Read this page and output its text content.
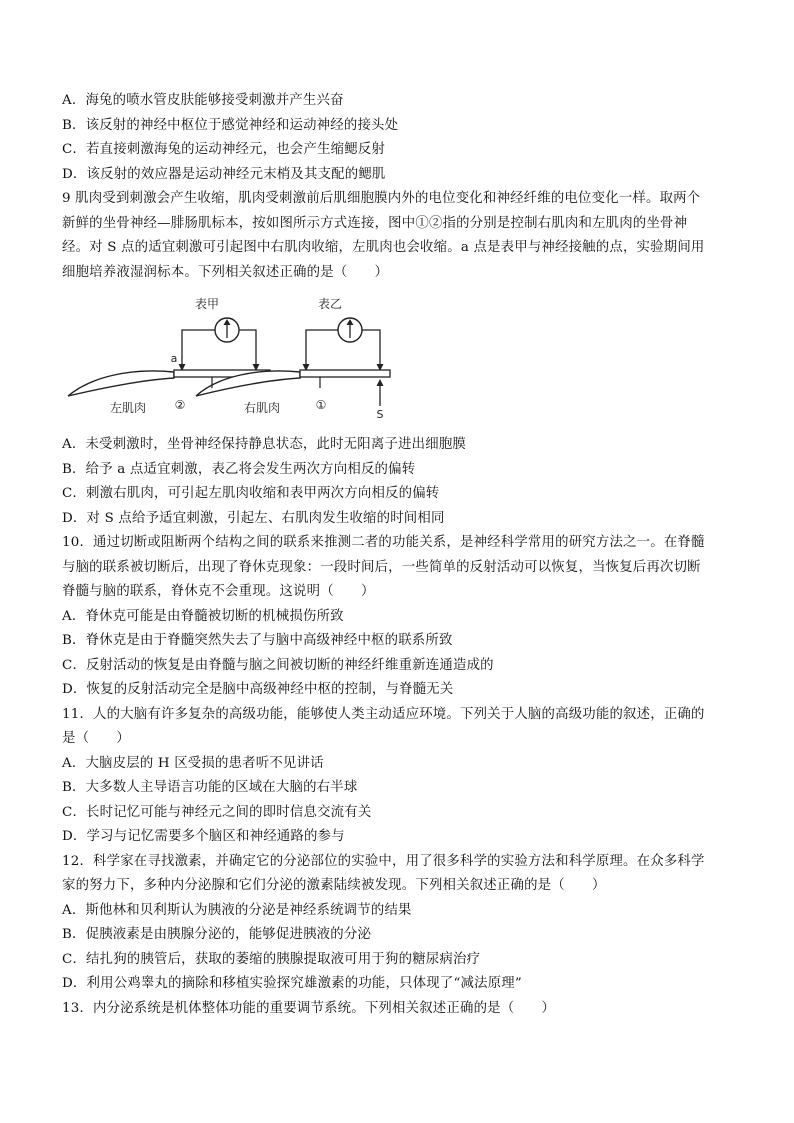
A．海兔的喷水管皮肤能够接受刺激并产生兴奋
B．该反射的神经中枢位于感觉神经和运动神经的接头处
C．若直接刺激海兔的运动神经元，也会产生缩鳃反射
D．该反射的效应器是运动神经元末梢及其支配的鳃肌
9 肌肉受到刺激会产生收缩，肌肉受刺激前后肌细胞膜内外的电位变化和神经纤维的电位变化一样。取两个
新鲜的坐骨神经—腓肠肌标本，按如图所示方式连接，图中①②指的分别是控制右肌肉和左肌肉的坐骨神
经。对 S 点的适宜刺激可引起图中右肌肉收缩，左肌肉也会收缩。a 点是表甲与神经接触的点，实验期间用
细胞培养液湿润标本。下列相关叙述正确的是（　　）
表甲
a
表乙
左肌肉 ②	右肌肉	①
S
A．未受刺激时，坐骨神经保持静息状态，此时无阳离子进出细胞膜
B．给予 a 点适宜刺激，表乙将会发生两次方向相反的偏转
C．刺激右肌肉，可引起左肌肉收缩和表甲两次方向相反的偏转
D．对 S 点给予适宜刺激，引起左、右肌肉发生收缩的时间相同
10．通过切断或阻断两个结构之间的联系来推测二者的功能关系，是神经科学常用的研究方法之一。在脊髓
与脑的联系被切断后，出现了脊休克现象：一段时间后，一些简单的反射活动可以恢复，当恢复后再次切断
脊髓与脑的联系，脊休克不会重现。这说明（　　）
A．脊休克可能是由脊髓被切断的机械损伤所致
B．脊休克是由于脊髓突然失去了与脑中高级神经中枢的联系所致
C．反射活动的恢复是由脊髓与脑之间被切断的神经纤维重新连通造成的
D．恢复的反射活动完全是脑中高级神经中枢的控制，与脊髓无关
11．人的大脑有许多复杂的高级功能，能够使人类主动适应环境。下列关于人脑的高级功能的叙述，正确的
是（　　）
A．大脑皮层的 H 区受损的患者听不见讲话
B．大多数人主导语言功能的区域在大脑的右半球
C．长时记忆可能与神经元之间的即时信息交流有关
D．学习与记忆需要多个脑区和神经通路的参与
12．科学家在寻找激素，并确定它的分泌部位的实验中，用了很多科学的实验方法和科学原理。在众多科学
家的努力下，多种内分泌腺和它们分泌的激素陆续被发现。下列相关叙述正确的是（　　）
A．斯他林和贝利斯认为胰液的分泌是神经系统调节的结果
B．促胰液素是由胰腺分泌的，能够促进胰液的分泌
C．结扎狗的胰管后，获取的萎缩的胰腺提取液可用于狗的糖尿病治疗
D．利用公鸡睾丸的摘除和移植实验探究雄激素的功能，只体现了“减法原理”
13．内分泌系统是机体整体功能的重要调节系统。下列相关叙述正确的是（　　）
